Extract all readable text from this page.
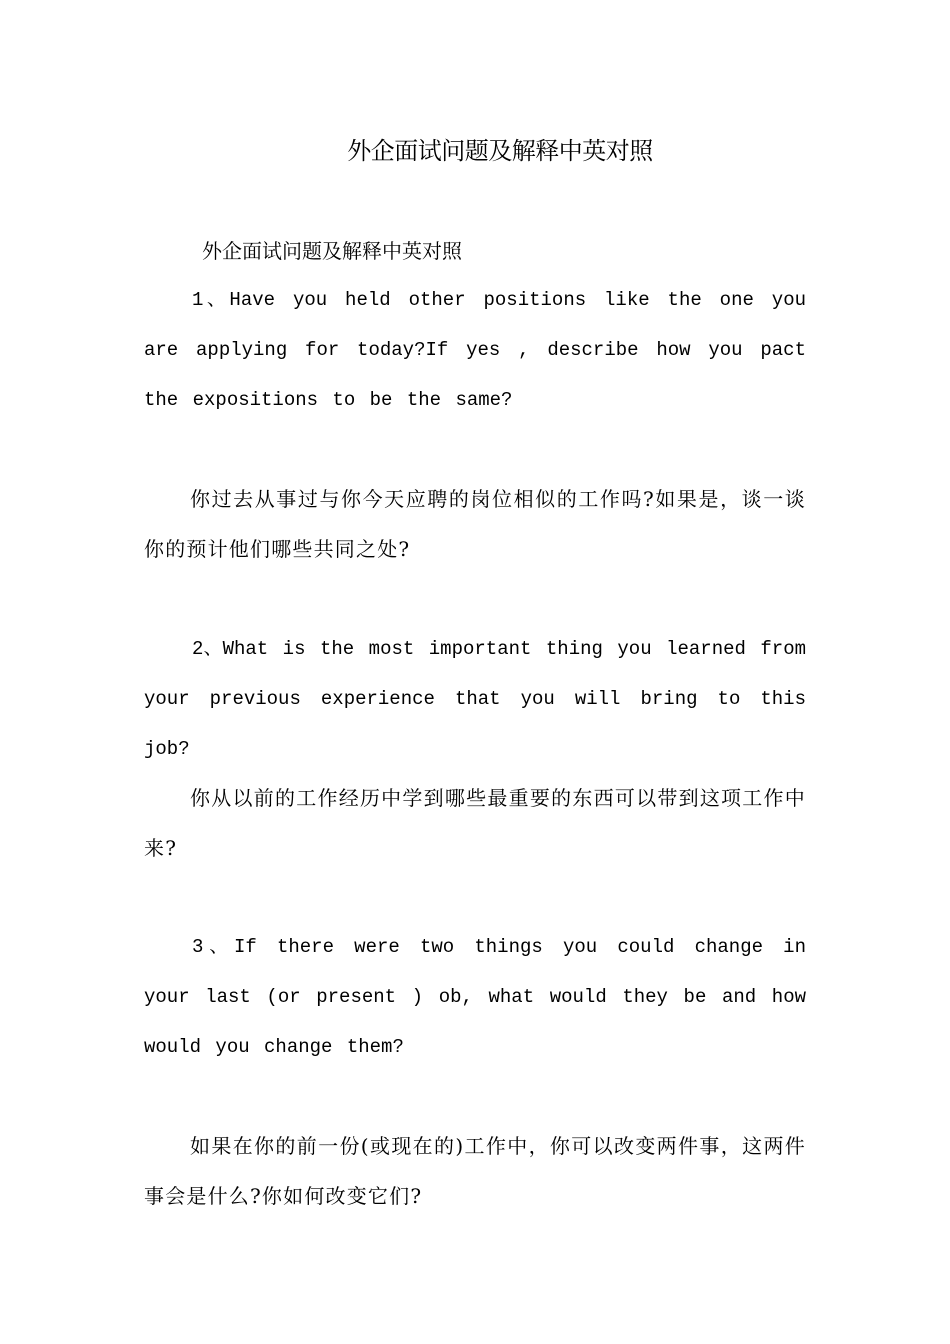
外企面试问题及解释中英对照
外企面试问题及解释中英对照
1、Have you held other positions like the one you are applying for today?If yes , describe how you pact the expositions to be the same?
你过去从事过与你今天应聘的岗位相似的工作吗?如果是，谈一谈你的预计他们哪些共同之处?
2、What is the most important thing you learned from your previous experience that you will bring to this job?
你从以前的工作经历中学到哪些最重要的东西可以带到这项工作中来?
3、If there were two things you could change in your last (or present ) ob, what would they be and how would you change them?
如果在你的前一份(或现在的)工作中，你可以改变两件事，这两件事会是什么?你如何改变它们?
